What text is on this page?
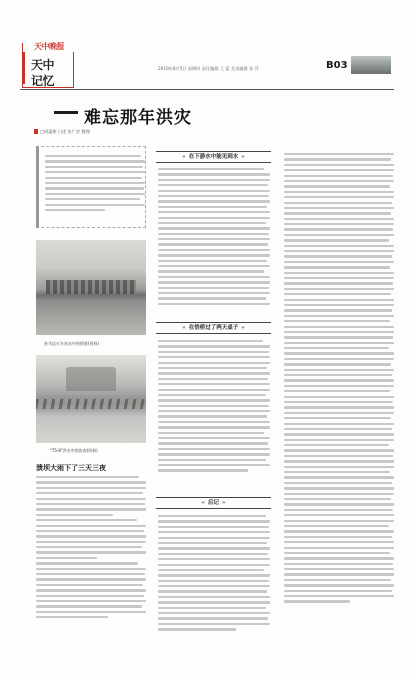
天中晚报
天中
记忆
2010年8月5日 星期四 责任编辑 王 蓝 美术编辑 张 萍	B03
难忘那年洪灾
□周惠彬 口述 张广彦 整理
驻马店火车站水中的情景(资料)
"75·8"洪水中的汝南(资料)
溃坝大雨下了三天三夜
« 在下游水中能见到水 »
« 在悟桥过了两天桌子 »
« 后记 »
